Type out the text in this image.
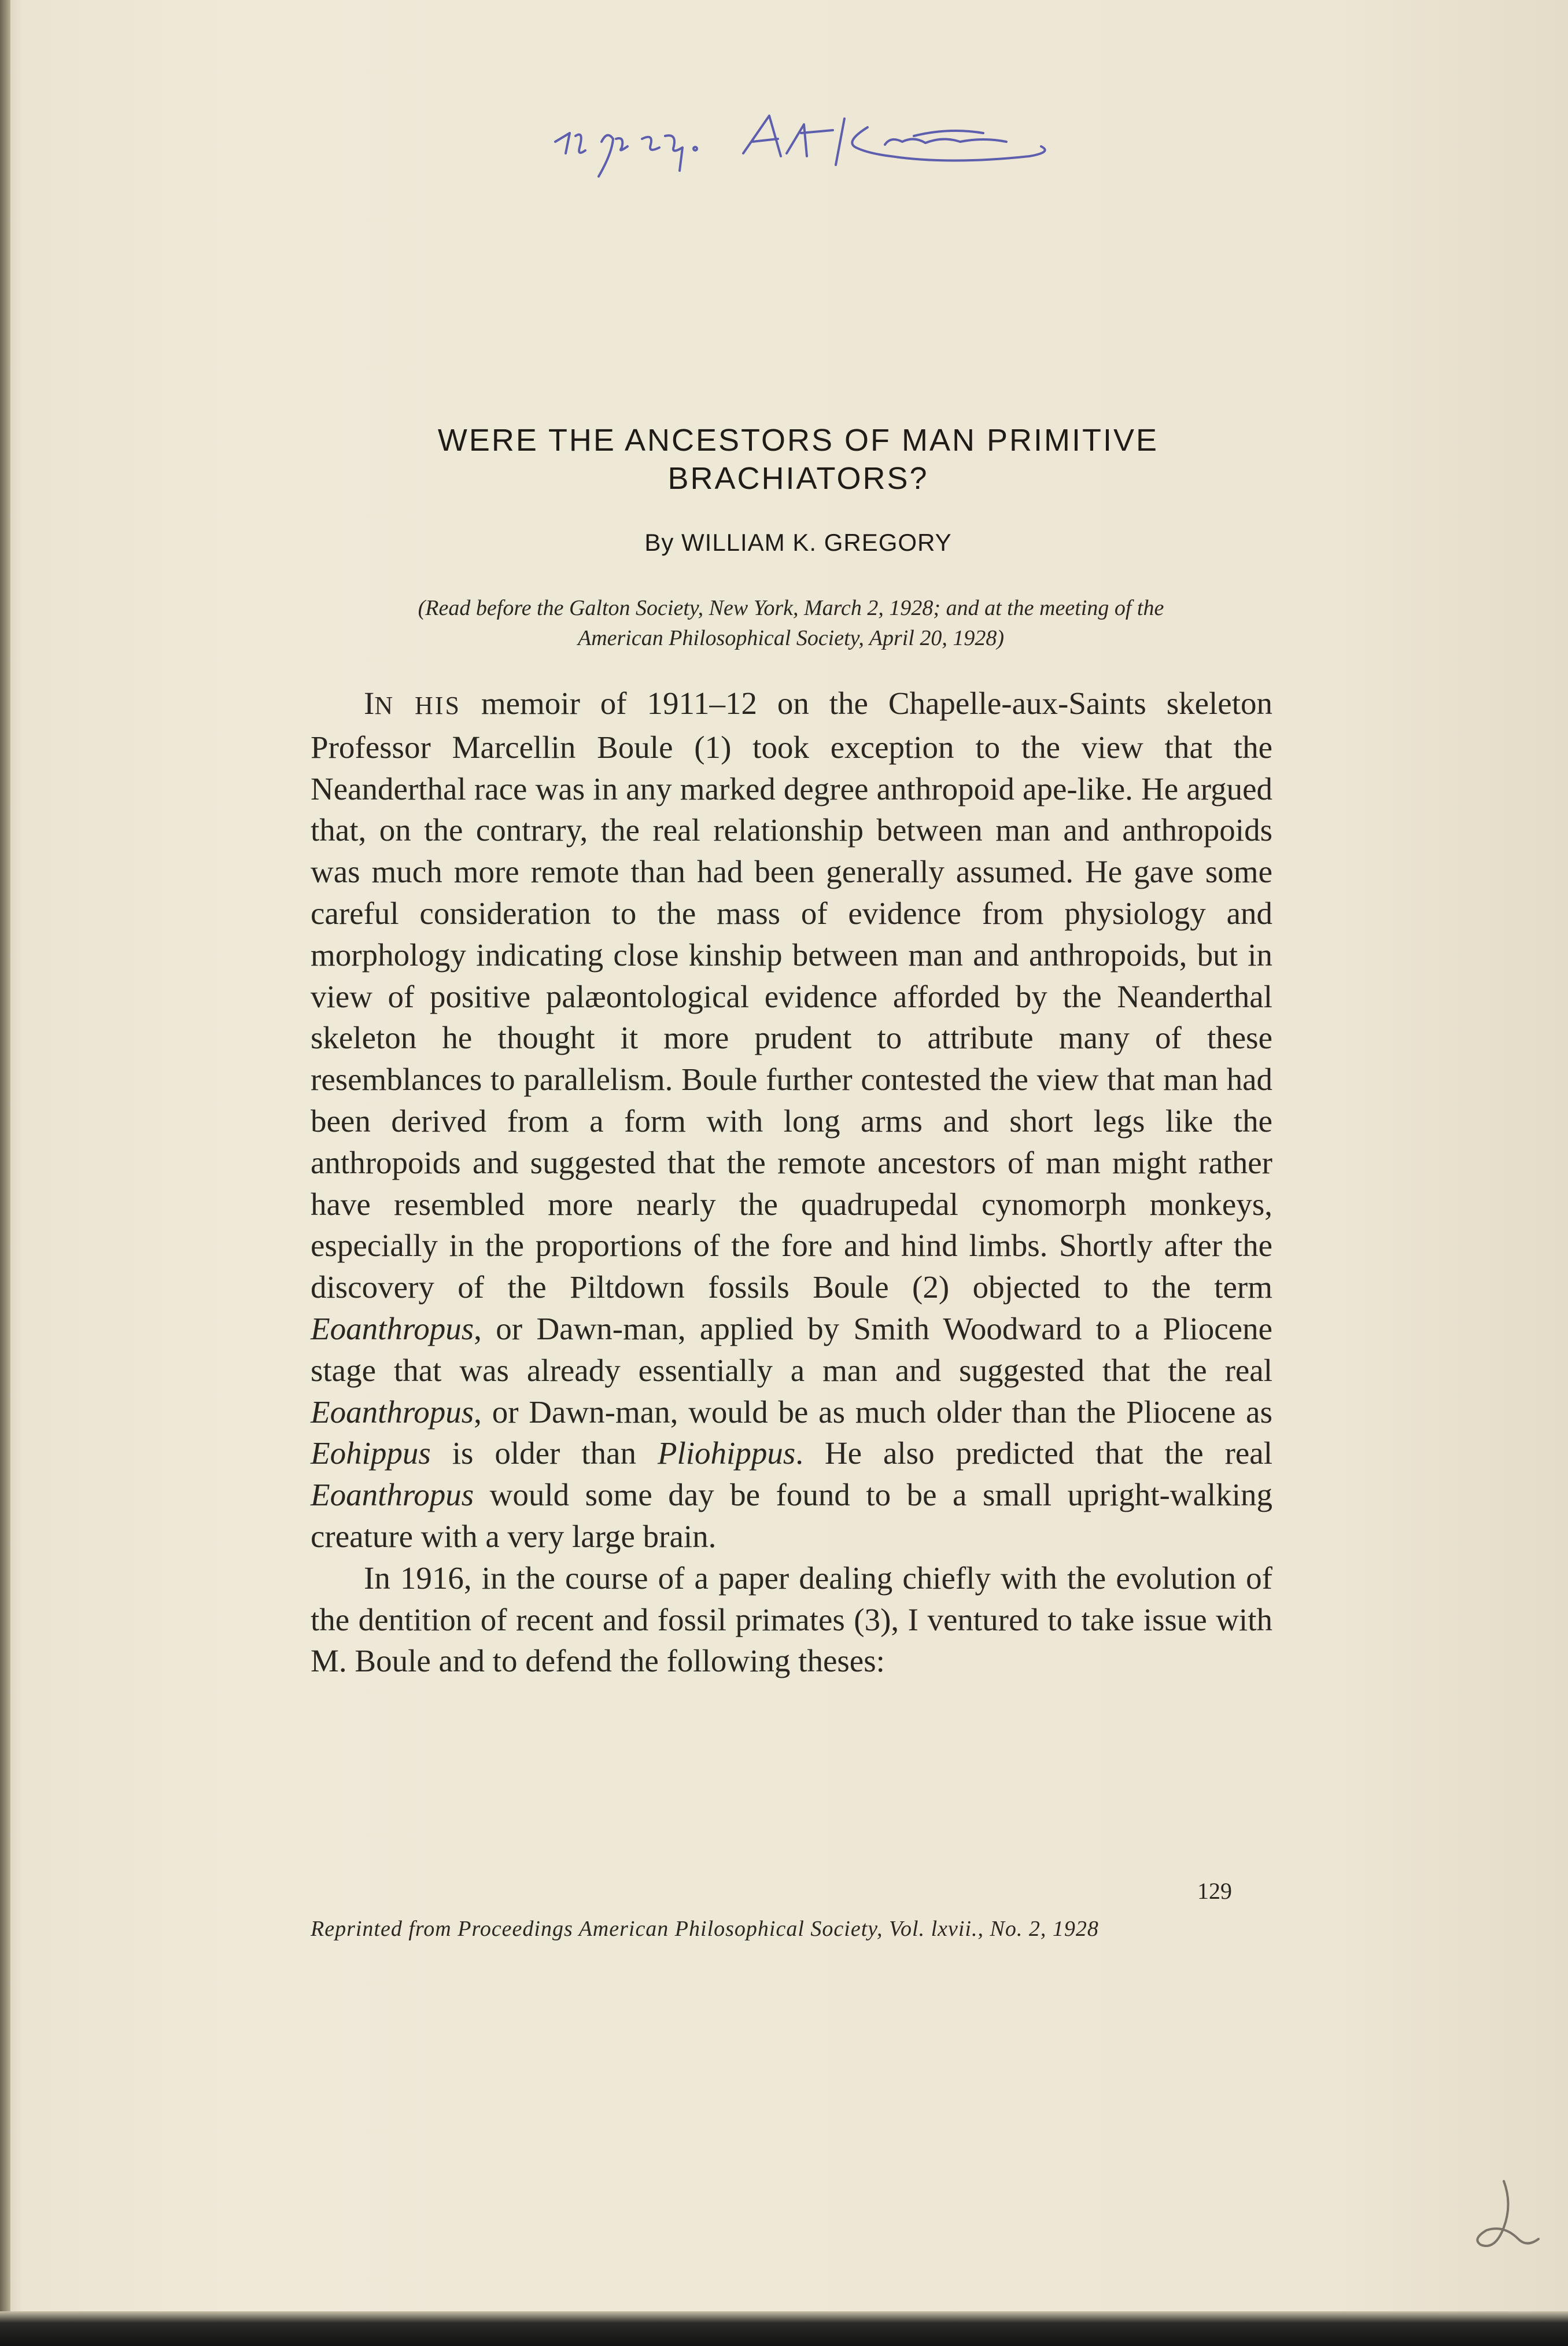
WERE THE ANCESTORS OF MAN PRIMITIVE
BRACHIATORS?
By WILLIAM K. GREGORY
(Read before the Galton Society, New York, March 2, 1928; and at the meeting of the
American Philosophical Society, April 20, 1928)

IN HIS memoir of 1911–12 on the Chapelle-aux-Saints skeleton Professor Marcellin Boule (1) took exception to the view that the Neanderthal race was in any marked degree anthropoid ape-like. He argued that, on the contrary, the real relationship between man and anthropoids was much more remote than had been generally assumed. He gave some careful consideration to the mass of evidence from physiology and morphology indicating close kinship between man and anthropoids, but in view of positive palæontological evidence afforded by the Neanderthal skeleton he thought it more prudent to attribute many of these resemblances to parallelism. Boule further contested the view that man had been derived from a form with long arms and short legs like the anthropoids and suggested that the remote ancestors of man might rather have resembled more nearly the quadrupedal cynomorph monkeys, especially in the proportions of the fore and hind limbs. Shortly after the discovery of the Piltdown fossils Boule (2) objected to the term Eoanthropus, or Dawn-man, applied by Smith Woodward to a Pliocene stage that was already essentially a man and suggested that the real Eoanthropus, or Dawn-man, would be as much older than the Pliocene as Eohippus is older than Pliohippus. He also predicted that the real Eoanthropus would some day be found to be a small upright-walking creature with a very large brain.

In 1916, in the course of a paper dealing chiefly with the evolution of the dentition of recent and fossil primates (3), I ventured to take issue with M. Boule and to defend the following theses:

129
Reprinted from Proceedings American Philosophical Society, Vol. lxvii., No. 2, 1928
